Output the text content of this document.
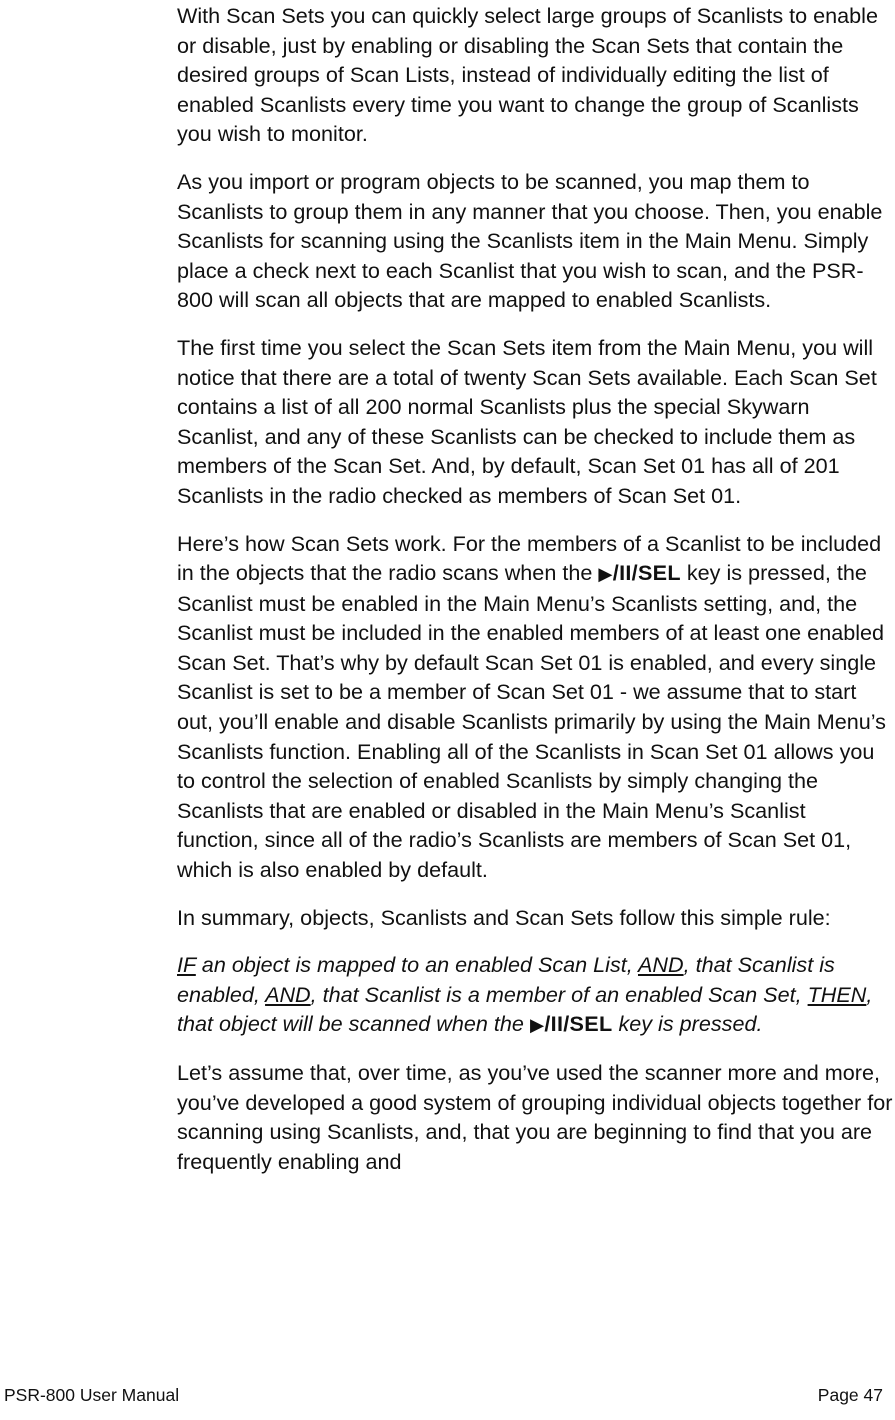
With Scan Sets you can quickly select large groups of Scanlists to enable or disable, just by enabling or disabling the Scan Sets that contain the desired groups of Scan Lists, instead of individually editing the list of enabled Scanlists every time you want to change the group of Scanlists you wish to monitor.

As you import or program objects to be scanned, you map them to Scanlists to group them in any manner that you choose. Then, you enable Scanlists for scanning using the Scanlists item in the Main Menu. Simply place a check next to each Scanlist that you wish to scan, and the PSR-800 will scan all objects that are mapped to enabled Scanlists.

The first time you select the Scan Sets item from the Main Menu, you will notice that there are a total of twenty Scan Sets available. Each Scan Set contains a list of all 200 normal Scanlists plus the special Skywarn Scanlist, and any of these Scanlists can be checked to include them as members of the Scan Set. And, by default, Scan Set 01 has all of 201 Scanlists in the radio checked as members of Scan Set 01.

Here’s how Scan Sets work. For the members of a Scanlist to be included in the objects that the radio scans when the ▶/II/SEL key is pressed, the Scanlist must be enabled in the Main Menu’s Scanlists setting, and, the Scanlist must be included in the enabled members of at least one enabled Scan Set. That’s why by default Scan Set 01 is enabled, and every single Scanlist is set to be a member of Scan Set 01 - we assume that to start out, you’ll enable and disable Scanlists primarily by using the Main Menu’s Scanlists function. Enabling all of the Scanlists in Scan Set 01 allows you to control the selection of enabled Scanlists by simply changing the Scanlists that are enabled or disabled in the Main Menu’s Scanlist function, since all of the radio’s Scanlists are members of Scan Set 01, which is also enabled by default.

In summary, objects, Scanlists and Scan Sets follow this simple rule:

IF an object is mapped to an enabled Scan List, AND, that Scanlist is enabled, AND, that Scanlist is a member of an enabled Scan Set, THEN, that object will be scanned when the ▶/II/SEL key is pressed.

Let’s assume that, over time, as you’ve used the scanner more and more, you’ve developed a good system of grouping individual objects together for scanning using Scanlists, and, that you are beginning to find that you are frequently enabling and

PSR-800 User Manual	Page 47
